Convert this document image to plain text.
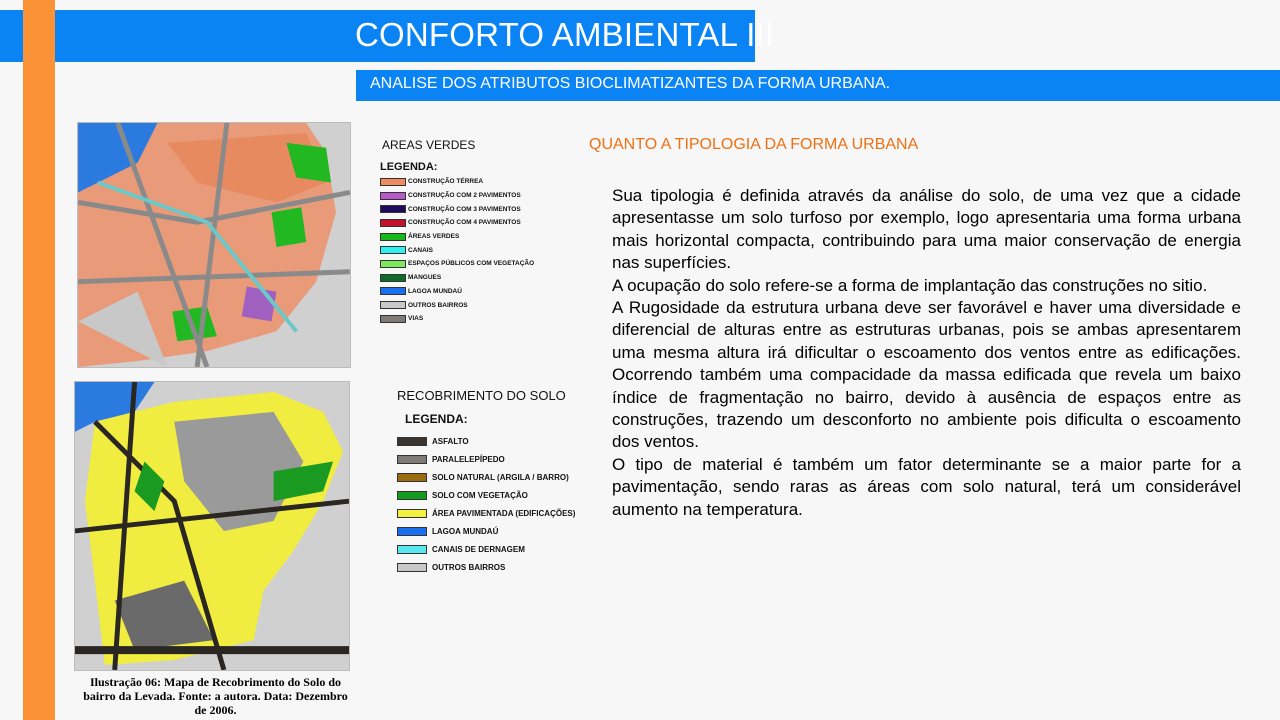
CONFORTO AMBIENTAL III
ANALISE DOS ATRIBUTOS BIOCLIMATIZANTES DA FORMA URBANA.
AREAS VERDES
LEGENDA:
CONSTRUÇÃO TÉRREA
CONSTRUÇÃO COM 2 PAVIMENTOS
CONSTRUÇÃO COM 3 PAVIMENTOS
CONSTRUÇÃO COM 4 PAVIMENTOS
ÁREAS VERDES
CANAIS
ESPAÇOS PÚBLICOS COM VEGETAÇÃO
MANGUES
LAGOA MUNDAÚ
OUTROS BAIRROS
VIAS
RECOBRIMENTO DO SOLO
LEGENDA:
ASFALTO
PARALELEPÍPEDO
SOLO NATURAL (ARGILA / BARRO)
SOLO COM VEGETAÇÃO
ÁREA PAVIMENTADA (EDIFICAÇÕES)
LAGOA MUNDAÚ
CANAIS DE DERNAGEM
OUTROS BAIRROS
Ilustração 06: Mapa de Recobrimento do Solo do bairro da Levada. Fonte: a autora. Data: Dezembro de 2006.
QUANTO A TIPOLOGIA DA FORMA URBANA

Sua tipologia é definida através da análise do solo, de uma vez que a cidade apresentasse um solo turfoso por exemplo, logo apresentaria uma forma urbana mais horizontal compacta, contribuindo para uma maior conservação de energia nas superfícies.

A ocupação do solo refere-se a forma de implantação das construções no sitio.

A Rugosidade da estrutura urbana deve ser favorável e haver uma diversidade e diferencial de alturas entre as estruturas urbanas, pois se ambas apresentarem uma mesma altura irá dificultar o escoamento dos ventos entre as edificações. Ocorrendo também uma compacidade da massa edificada que revela um baixo índice de fragmentação no bairro, devido à ausência de espaços entre as construções, trazendo um desconforto no ambiente pois dificulta o escoamento dos ventos.

O tipo de material é também um fator determinante se a maior parte for a pavimentação, sendo raras as áreas com solo natural, terá um considerável aumento na temperatura.
